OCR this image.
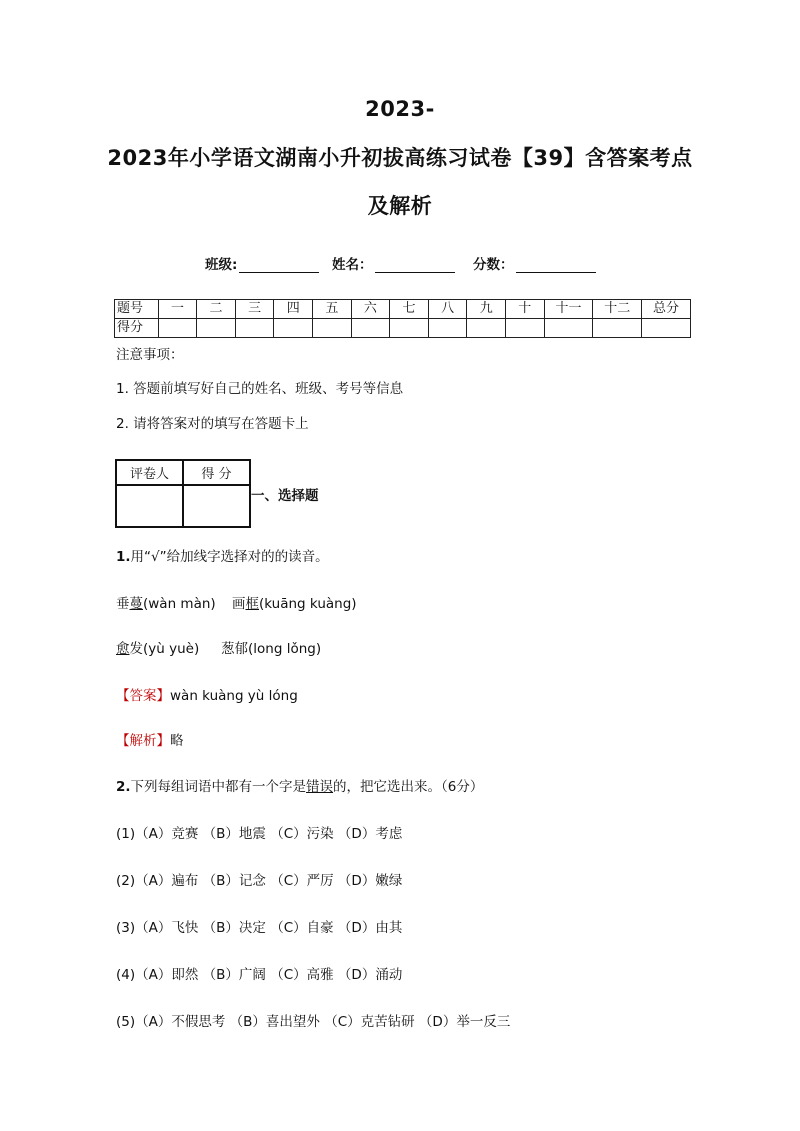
2023-
2023年小学语文湖南小升初拔高练习试卷【39】含答案考点
及解析
班级:	姓名：	分数：
题号	一	二	三	四	五	六	七	八	九	十	十一	十二	总分
得分													
注意事项：
1. 答题前填写好自己的姓名、班级、考号等信息
2. 请将答案对的填写在答题卡上
评卷人	得 分

一、选择题
1.用“√”给加线字选择对的的读音。
垂蔓(wàn màn) 画框(kuāng kuàng)
愈发(yù yuè) 葱郁(long lǒng)
【答案】wàn kuàng yù lóng
【解析】略
2.下列每组词语中都有一个字是错误的，把它选出来。（6分）
(1)（A）竞赛 （B）地震 （C）污染 （D）考虑
(2)（A）遍布 （B）记念 （C）严厉 （D）嫩绿
(3)（A）飞快 （B）决定 （C）自豪 （D）由其
(4)（A）即然 （B）广阔 （C）高雅 （D）涌动
(5)（A）不假思考 （B）喜出望外 （C）克苦钻研 （D）举一反三
